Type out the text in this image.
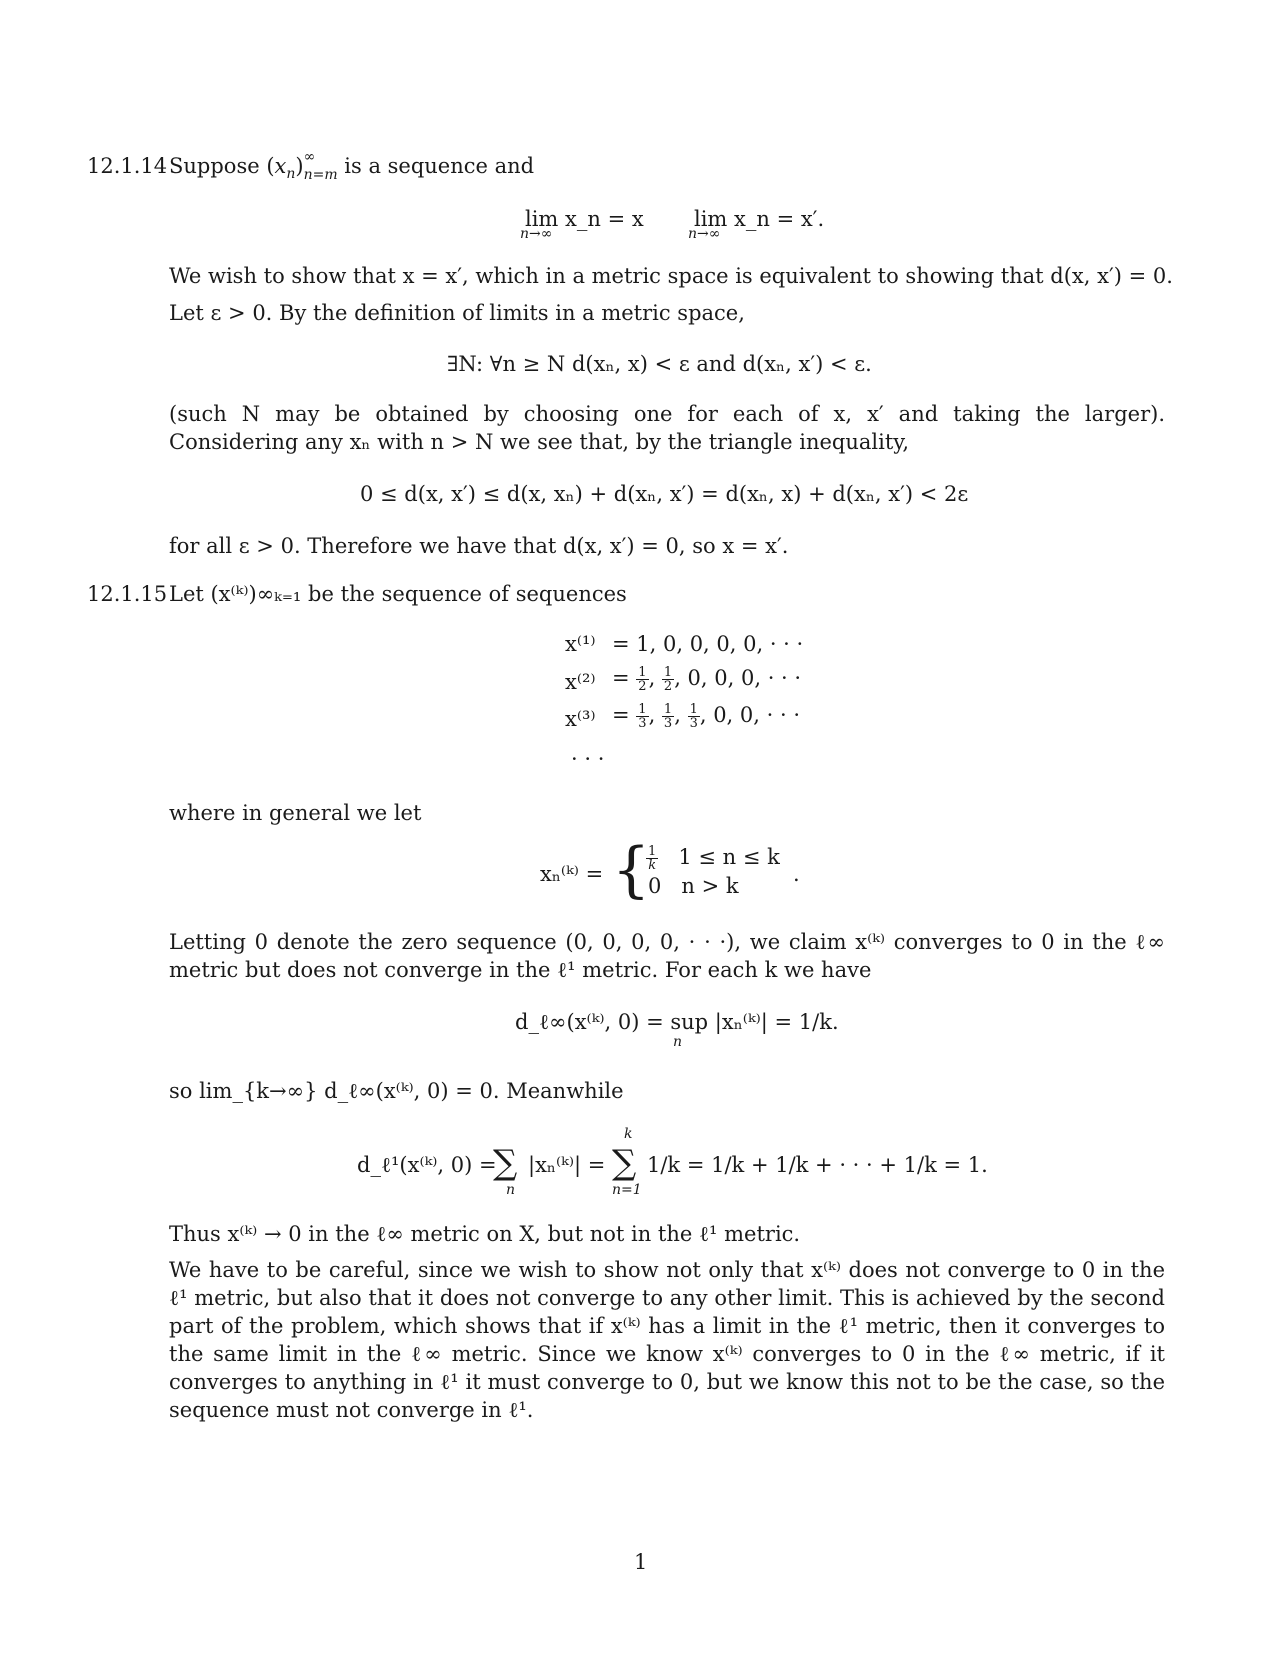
12.1.14 Suppose $(x_n)$ ∞
n=m is a sequence and
lim x_n = x
n→∞
lim x_n = x′.
n→∞
We wish to show that x = x′, which in a metric space is equivalent to showing that d(x, x′) = 0.
Let ε > 0. By the definition of limits in a metric space,
∃N: ∀n ≥ N d(xₙ, x) < ε and d(xₙ, x′) < ε.
(such N may be obtained by choosing one for each of x, x′ and taking the larger). Considering any xₙ with n > N we see that, by the triangle inequality,
0 ≤ d(x, x′) ≤ d(x, xₙ) + d(xₙ, x′) = d(xₙ, x) + d(xₙ, x′) < 2ε
for all ε > 0. Therefore we have that d(x, x′) = 0, so x = x′.
12.1.15 Let (x⁽ᵏ⁾)∞ₖ₌₁ be the sequence of sequences
x⁽¹⁾ = 1, 0, 0, 0, 0, · · ·
$x^{(2)} = \frac{1}{2}$ , $\frac{1}{2}$ , 0, 0, 0, · · ·
$x^{(3)} = \frac{1}{3}$ , $\frac{1}{3}$ , $\frac{1}{3}$ , 0, 0, · · ·
· · ·
where in general we let
xₙ⁽ᵏ⁾ = {
$\frac{1}{k} 1 \le n \le k$
0 n > k	.
Letting 0 denote the zero sequence (0, 0, 0, 0, · · ·), we claim x⁽ᵏ⁾ converges to 0 in the ℓ∞ metric but does not converge in the ℓ¹ metric. For each k we have
d_ℓ∞(x⁽ᵏ⁾, 0) = sup |xₙ⁽ᵏ⁾| = 1/k.
n
so lim_{k→∞} d_ℓ∞(x⁽ᵏ⁾, 0) = 0. Meanwhile
d_ℓ¹(x⁽ᵏ⁾, 0) =
∑
n
|xₙ⁽ᵏ⁾| =
k
∑
n=1
1/k = 1/k + 1/k + · · · + 1/k = 1.
Thus x⁽ᵏ⁾ → 0 in the ℓ∞ metric on X, but not in the ℓ¹ metric.
We have to be careful, since we wish to show not only that x⁽ᵏ⁾ does not converge to 0 in the ℓ¹ metric, but also that it does not converge to any other limit. This is achieved by the second part of the problem, which shows that if x⁽ᵏ⁾ has a limit in the ℓ¹ metric, then it converges to the same limit in the ℓ∞ metric. Since we know x⁽ᵏ⁾ converges to 0 in the ℓ∞ metric, if it converges to anything in ℓ¹ it must converge to 0, but we know this not to be the case, so the sequence must not converge in ℓ¹.
1
